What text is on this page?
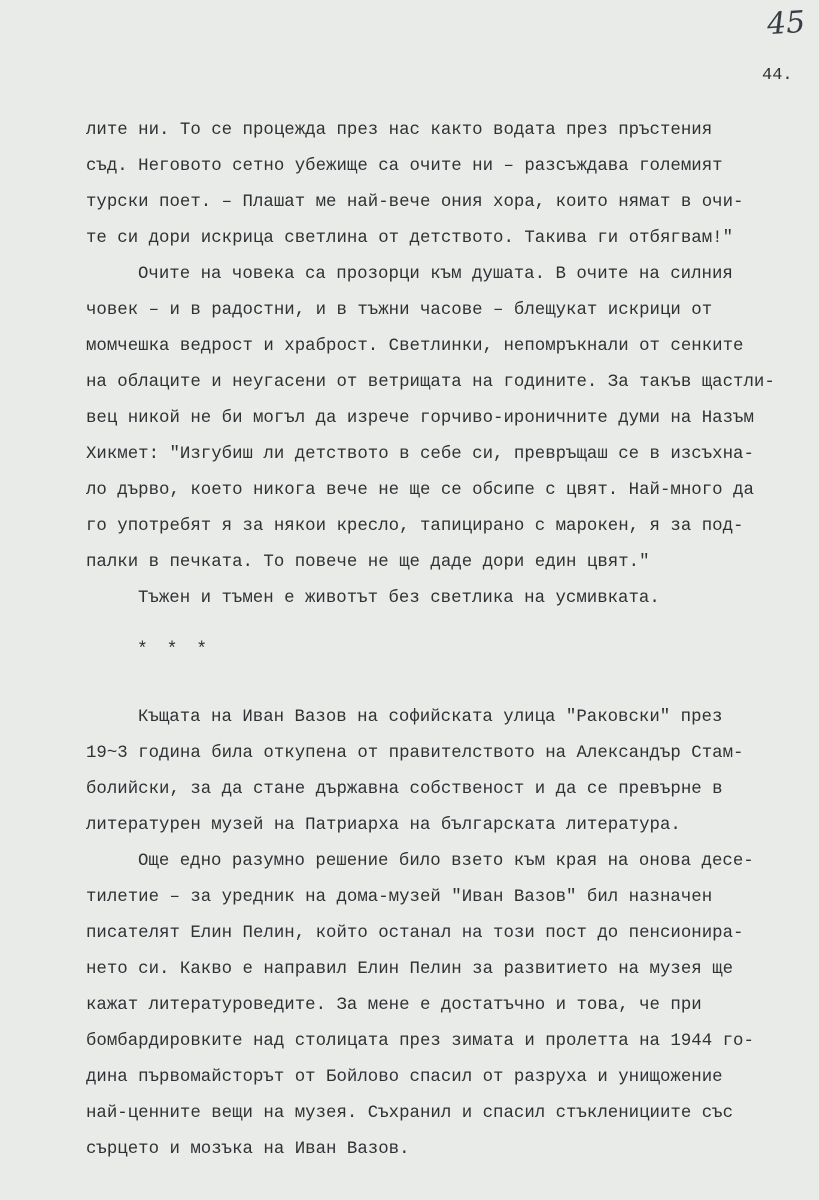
45
44.
лите ни. То се процежда през нас както водата през пръстения
съд. Неговото сетно убежище са очите ни – разсъждава големият
турски поет. – Плашат ме най-вече ония хора, които нямат в очи-
те си дори искрица светлина от детството. Такива ги отбягвам!"
Очите на човека са прозорци към душата. В очите на силния
човек – и в радостни, и в тъжни часове – блещукат искрици от
момчешка ведрост и храброст. Светлинки, непомръкнали от сенките
на облаците и неугасени от ветрищата на годините. За такъв щастли-
вец никой не би могъл да изрече горчиво-ироничните думи на Назъм
Хикмет: "Изгубиш ли детството в себе си, превръщаш се в изсъхна-
ло дърво, което никога вече не ще се обсипе с цвят. Най-много да
го употребят я за някои кресло, тапицирано с марокен, я за под-
палки в печката. То повече не ще даде дори един цвят."
Тъжен и тъмен е животът без светлика на усмивката.
* * *
Къщата на Иван Вазов на софийската улица "Раковски" през
19~3 година била откупена от правителството на Александър Стам-
болийски, за да стане държавна собственост и да се превърне в
литературен музей на Патриарха на българската литература.
Още едно разумно решение било взето към края на онова десе-
тилетие – за уредник на дома-музей "Иван Вазов" бил назначен
писателят Елин Пелин, който останал на този пост до пенсионира-
нето си. Какво е направил Елин Пелин за развитието на музея ще
кажат литературоведите. За мене е достатъчно и това, че при
бомбардировките над столицата през зимата и пролетта на 1944 го-
дина първомайсторът от Бойлово спасил от разруха и унищожение
най-ценните вещи на музея. Съхранил и спасил стъкленициите със
сърцето и мозъка на Иван Вазов.
